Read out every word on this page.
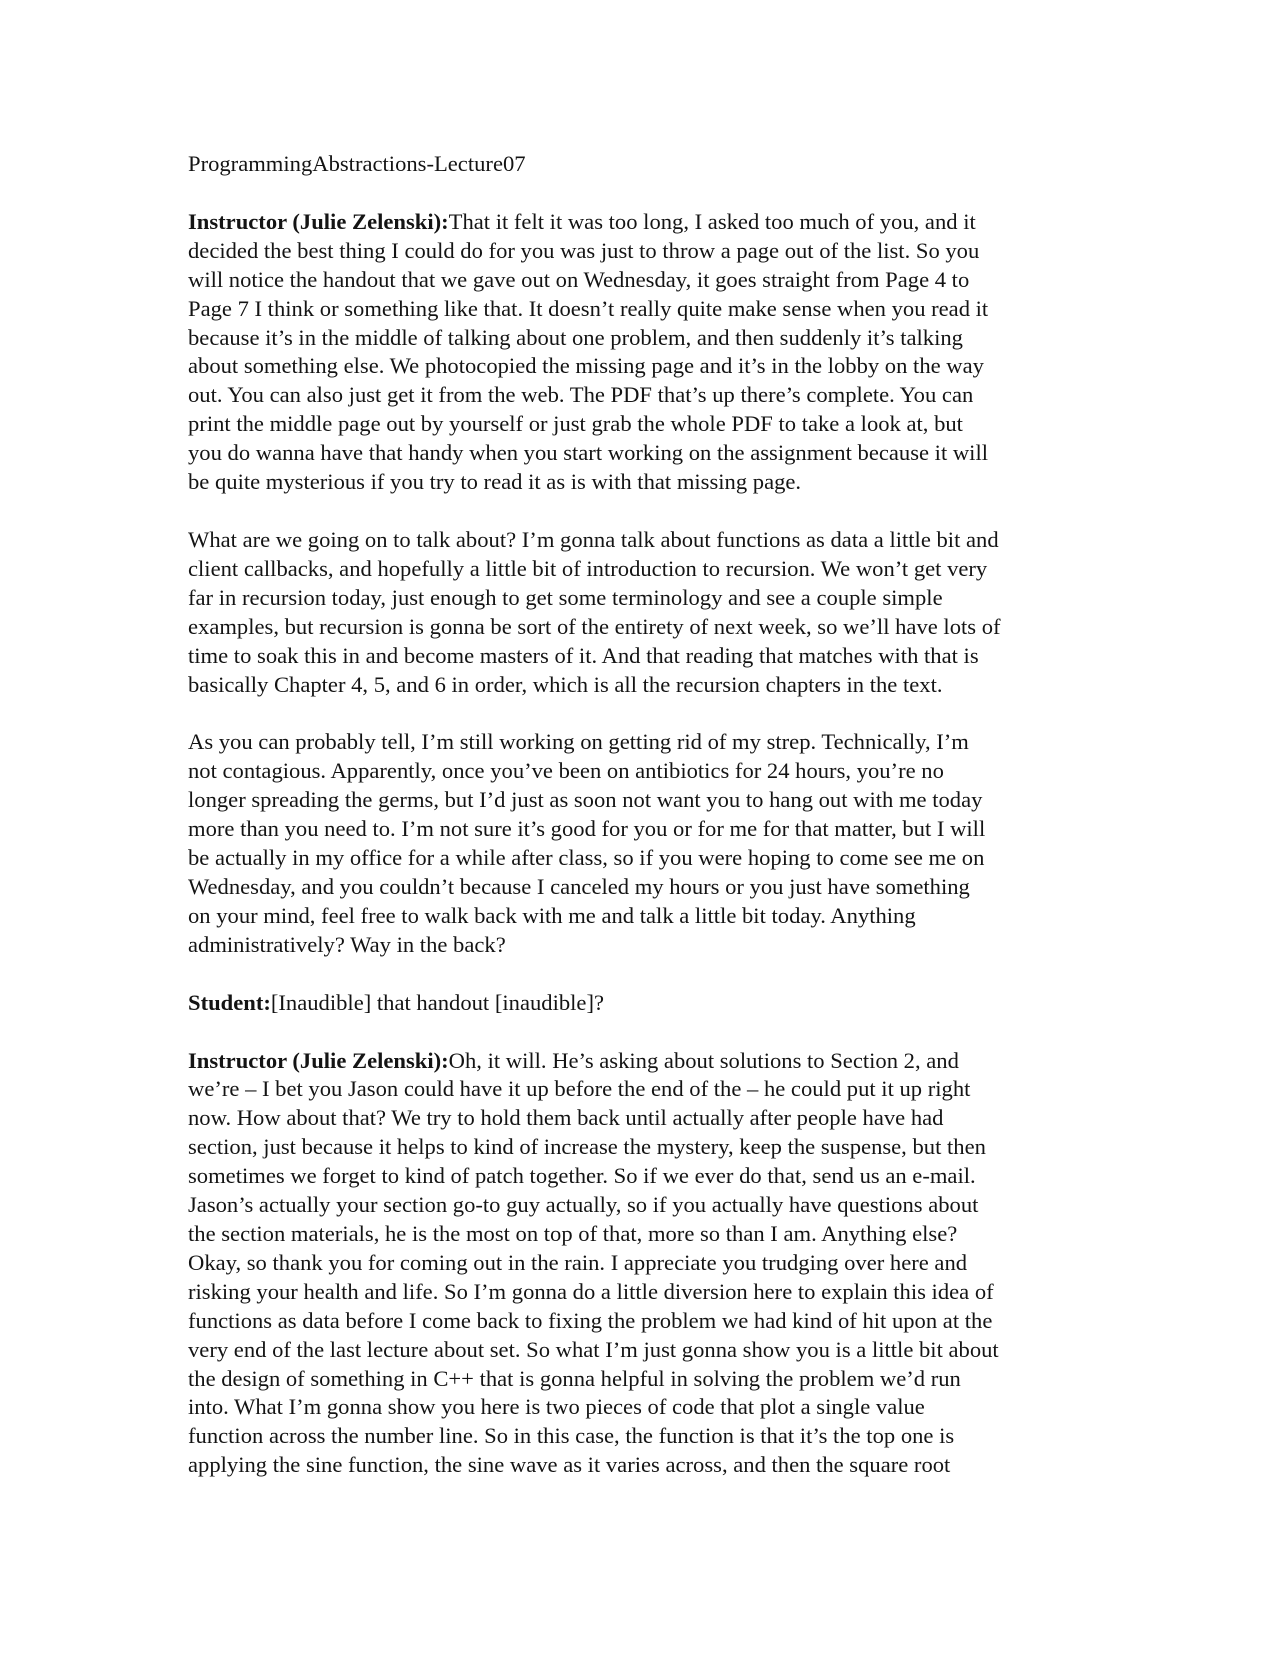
ProgrammingAbstractions-Lecture07
Instructor (Julie Zelenski):That it felt it was too long, I asked too much of you, and it
decided the best thing I could do for you was just to throw a page out of the list. So you
will notice the handout that we gave out on Wednesday, it goes straight from Page 4 to
Page 7 I think or something like that. It doesn’t really quite make sense when you read it
because it’s in the middle of talking about one problem, and then suddenly it’s talking
about something else. We photocopied the missing page and it’s in the lobby on the way
out. You can also just get it from the web. The PDF that’s up there’s complete. You can
print the middle page out by yourself or just grab the whole PDF to take a look at, but
you do wanna have that handy when you start working on the assignment because it will
be quite mysterious if you try to read it as is with that missing page.
What are we going on to talk about? I’m gonna talk about functions as data a little bit and
client callbacks, and hopefully a little bit of introduction to recursion. We won’t get very
far in recursion today, just enough to get some terminology and see a couple simple
examples, but recursion is gonna be sort of the entirety of next week, so we’ll have lots of
time to soak this in and become masters of it. And that reading that matches with that is
basically Chapter 4, 5, and 6 in order, which is all the recursion chapters in the text.
As you can probably tell, I’m still working on getting rid of my strep. Technically, I’m
not contagious. Apparently, once you’ve been on antibiotics for 24 hours, you’re no
longer spreading the germs, but I’d just as soon not want you to hang out with me today
more than you need to. I’m not sure it’s good for you or for me for that matter, but I will
be actually in my office for a while after class, so if you were hoping to come see me on
Wednesday, and you couldn’t because I canceled my hours or you just have something
on your mind, feel free to walk back with me and talk a little bit today. Anything
administratively? Way in the back?
Student:[Inaudible] that handout [inaudible]?
Instructor (Julie Zelenski):Oh, it will. He’s asking about solutions to Section 2, and
we’re – I bet you Jason could have it up before the end of the – he could put it up right
now. How about that? We try to hold them back until actually after people have had
section, just because it helps to kind of increase the mystery, keep the suspense, but then
sometimes we forget to kind of patch together. So if we ever do that, send us an e-mail.
Jason’s actually your section go-to guy actually, so if you actually have questions about
the section materials, he is the most on top of that, more so than I am. Anything else?
Okay, so thank you for coming out in the rain. I appreciate you trudging over here and
risking your health and life. So I’m gonna do a little diversion here to explain this idea of
functions as data before I come back to fixing the problem we had kind of hit upon at the
very end of the last lecture about set. So what I’m just gonna show you is a little bit about
the design of something in C++ that is gonna helpful in solving the problem we’d run
into. What I’m gonna show you here is two pieces of code that plot a single value
function across the number line. So in this case, the function is that it’s the top one is
applying the sine function, the sine wave as it varies across, and then the square root
